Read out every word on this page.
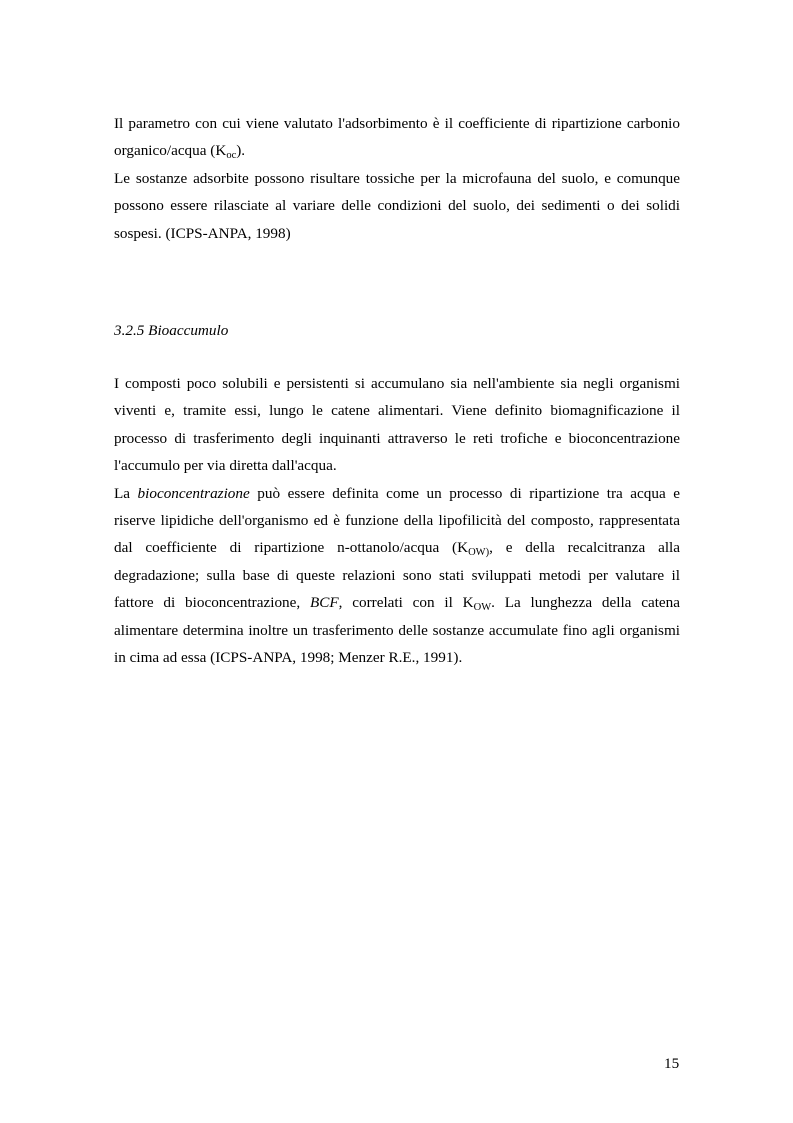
Il parametro con cui viene valutato l'adsorbimento è il coefficiente di ripartizione carbonio organico/acqua $(K_{oc})$.

Le sostanze adsorbite possono risultare tossiche per la microfauna del suolo, e comunque possono essere rilasciate al variare delle condizioni del suolo, dei sedimenti o dei solidi sospesi. (ICPS-ANPA, 1998)

3.2.5 Bioaccumulo

I composti poco solubili e persistenti si accumulano sia nell'ambiente sia negli organismi viventi e, tramite essi, lungo le catene alimentari. Viene definito biomagnificazione il processo di trasferimento degli inquinanti attraverso le reti trofiche e bioconcentrazione l'accumulo per via diretta dall'acqua.

La bioconcentrazione può essere definita come un processo di ripartizione tra acqua e riserve lipidiche dell'organismo ed è funzione della lipofilicità del composto, rappresentata dal coefficiente di ripartizione n-ottanolo/acqua ($K_{OW)}$, e della recalcitranza alla degradazione; sulla base di queste relazioni sono stati sviluppati metodi per valutare il fattore di bioconcentrazione, BCF, correlati con il $K_{OW}$. La lunghezza della catena alimentare determina inoltre un trasferimento delle sostanze accumulate fino agli organismi in cima ad essa (ICPS-ANPA, 1998; Menzer R.E., 1991).

15
